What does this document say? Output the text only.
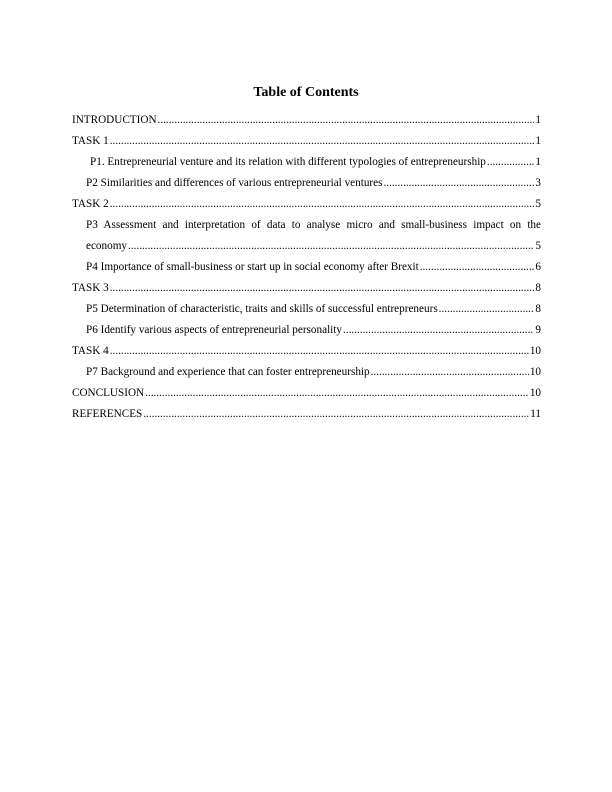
Table of Contents
INTRODUCTION .....	1
TASK 1 .....	1
P1. Entrepreneurial venture and its relation with different typologies of entrepreneurship .....	1
P2 Similarities and differences of various entrepreneurial ventures .....	3
TASK 2 .....	5
P3 Assessment and interpretation of data to analyse micro and small-business impact on the
economy .....	5
P4 Importance of small-business or start up in social economy after Brexit .....	6
TASK 3 .....	8
P5 Determination of characteristic, traits and skills of successful entrepreneurs .....	8
P6 Identify various aspects of entrepreneurial personality .....	9
TASK 4 .....	10
P7 Background and experience that can foster entrepreneurship .....	10
CONCLUSION .....	10
REFERENCES .....	11
